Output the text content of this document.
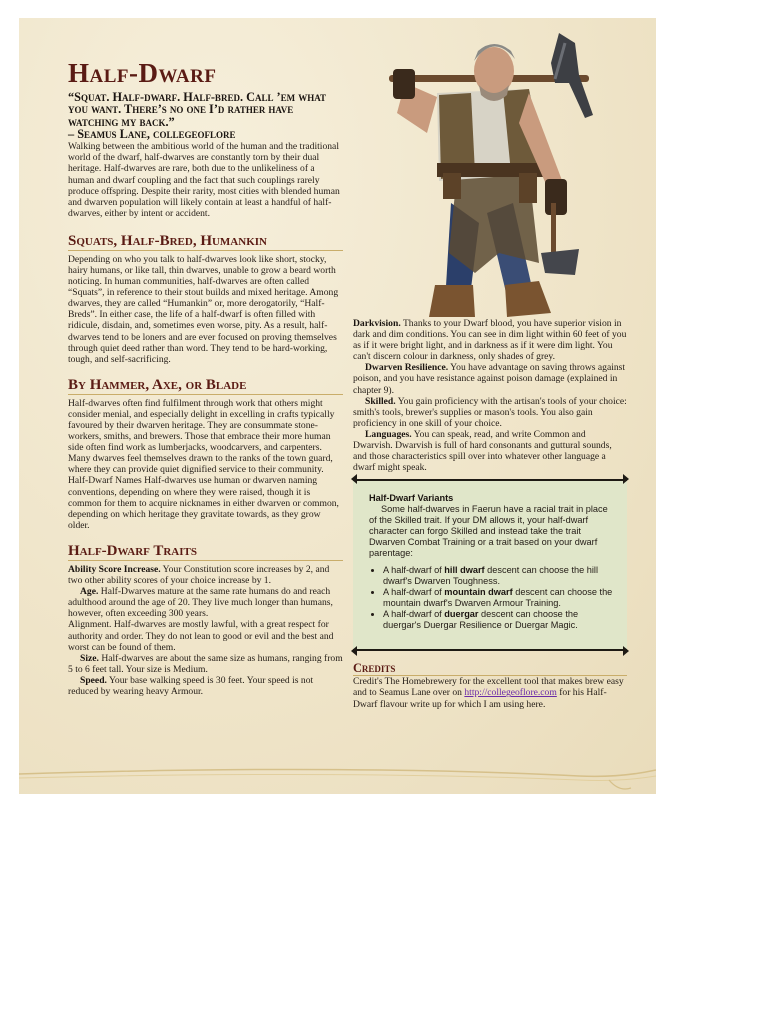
Half-Dwarf
“Squat. Half-dwarf. Half-bred. Call ’em what you want. There’s no one I’d rather have watching my back.”
– Seamus Lane, collegeoflore

Walking between the ambitious world of the human and the traditional world of the dwarf, half-dwarves are constantly torn by their dual heritage. Half-dwarves are rare, both due to the unlikeliness of a human and dwarf coupling and the fact that such couplings rarely produce offspring. Despite their rarity, most cities with blended human and dwarven population will likely contain at least a handful of half-dwarves, either by intent or accident.

Squats, Half-Bred, Humankin

Depending on who you talk to half-dwarves look like short, stocky, hairy humans, or like tall, thin dwarves, unable to grow a beard worth noticing. In human communities, half-dwarves are often called “Squats”, in reference to their stout builds and mixed heritage. Among dwarves, they are called “Humankin” or, more derogatorily, “Half-Breds”. In either case, the life of a half-dwarf is often filled with ridicule, disdain, and, sometimes even worse, pity. As a result, half-dwarves tend to be loners and are ever focused on proving themselves through quiet deed rather than word. They tend to be hard-working, tough, and self-sacrificing.

By Hammer, Axe, or Blade

Half-dwarves often find fulfilment through work that others might consider menial, and especially delight in excelling in crafts typically favoured by their dwarven heritage. They are consummate stone-workers, smiths, and brewers. Those that embrace their more human side often find work as lumberjacks, woodcarvers, and carpenters. Many dwarves feel themselves drawn to the ranks of the town guard, where they can provide quiet dignified service to their community. Half-Dwarf Names Half-dwarves use human or dwarven naming conventions, depending on where they were raised, though it is common for them to acquire nicknames in either dwarven or common, depending on which heritage they gravitate towards, as they grow older.

Half-Dwarf Traits

Ability Score Increase. Your Constitution score increases by 2, and two other ability scores of your choice increase by 1.

Age. Half-Dwarves mature at the same rate humans do and reach adulthood around the age of 20. They live much longer than humans, however, often exceeding 300 years.

Alignment. Half-dwarves are mostly lawful, with a great respect for authority and order. They do not lean to good or evil and the best and worst can be found of them.

Size. Half-dwarves are about the same size as humans, ranging from 5 to 6 feet tall. Your size is Medium.

Speed. Your base walking speed is 30 feet. Your speed is not reduced by wearing heavy Armour.

Darkvision. Thanks to your Dwarf blood, you have superior vision in dark and dim conditions. You can see in dim light within 60 feet of you as if it were bright light, and in darkness as if it were dim light. You can't discern colour in darkness, only shades of grey.

Dwarven Resilience. You have advantage on saving throws against poison, and you have resistance against poison damage (explained in chapter 9).

Skilled. You gain proficiency with the artisan's tools of your choice: smith's tools, brewer's supplies or mason's tools. You also gain proficiency in one skill of your choice.

Languages. You can speak, read, and write Common and Dwarvish. Dwarvish is full of hard consonants and guttural sounds, and those characteristics spill over into whatever other language a dwarf might speak.

Half-Dwarf Variants

Some half-dwarves in Faerun have a racial trait in place of the Skilled trait. If your DM allows it, your half-dwarf character can forgo Skilled and instead take the trait Dwarven Combat Training or a trait based on your dwarf parentage:

• A half-dwarf of hill dwarf descent can choose the hill dwarf's Dwarven Toughness.
• A half-dwarf of mountain dwarf descent can choose the mountain dwarf's Dwarven Armour Training.
• A half-dwarf of duergar descent can choose the duergar's Duergar Resilience or Duergar Magic.
Credits

Credit's The Homebrewery for the excellent tool that makes brew easy and to Seamus Lane over on http://collegeoflore.com for his Half-Dwarf flavour write up for which I am using here.
